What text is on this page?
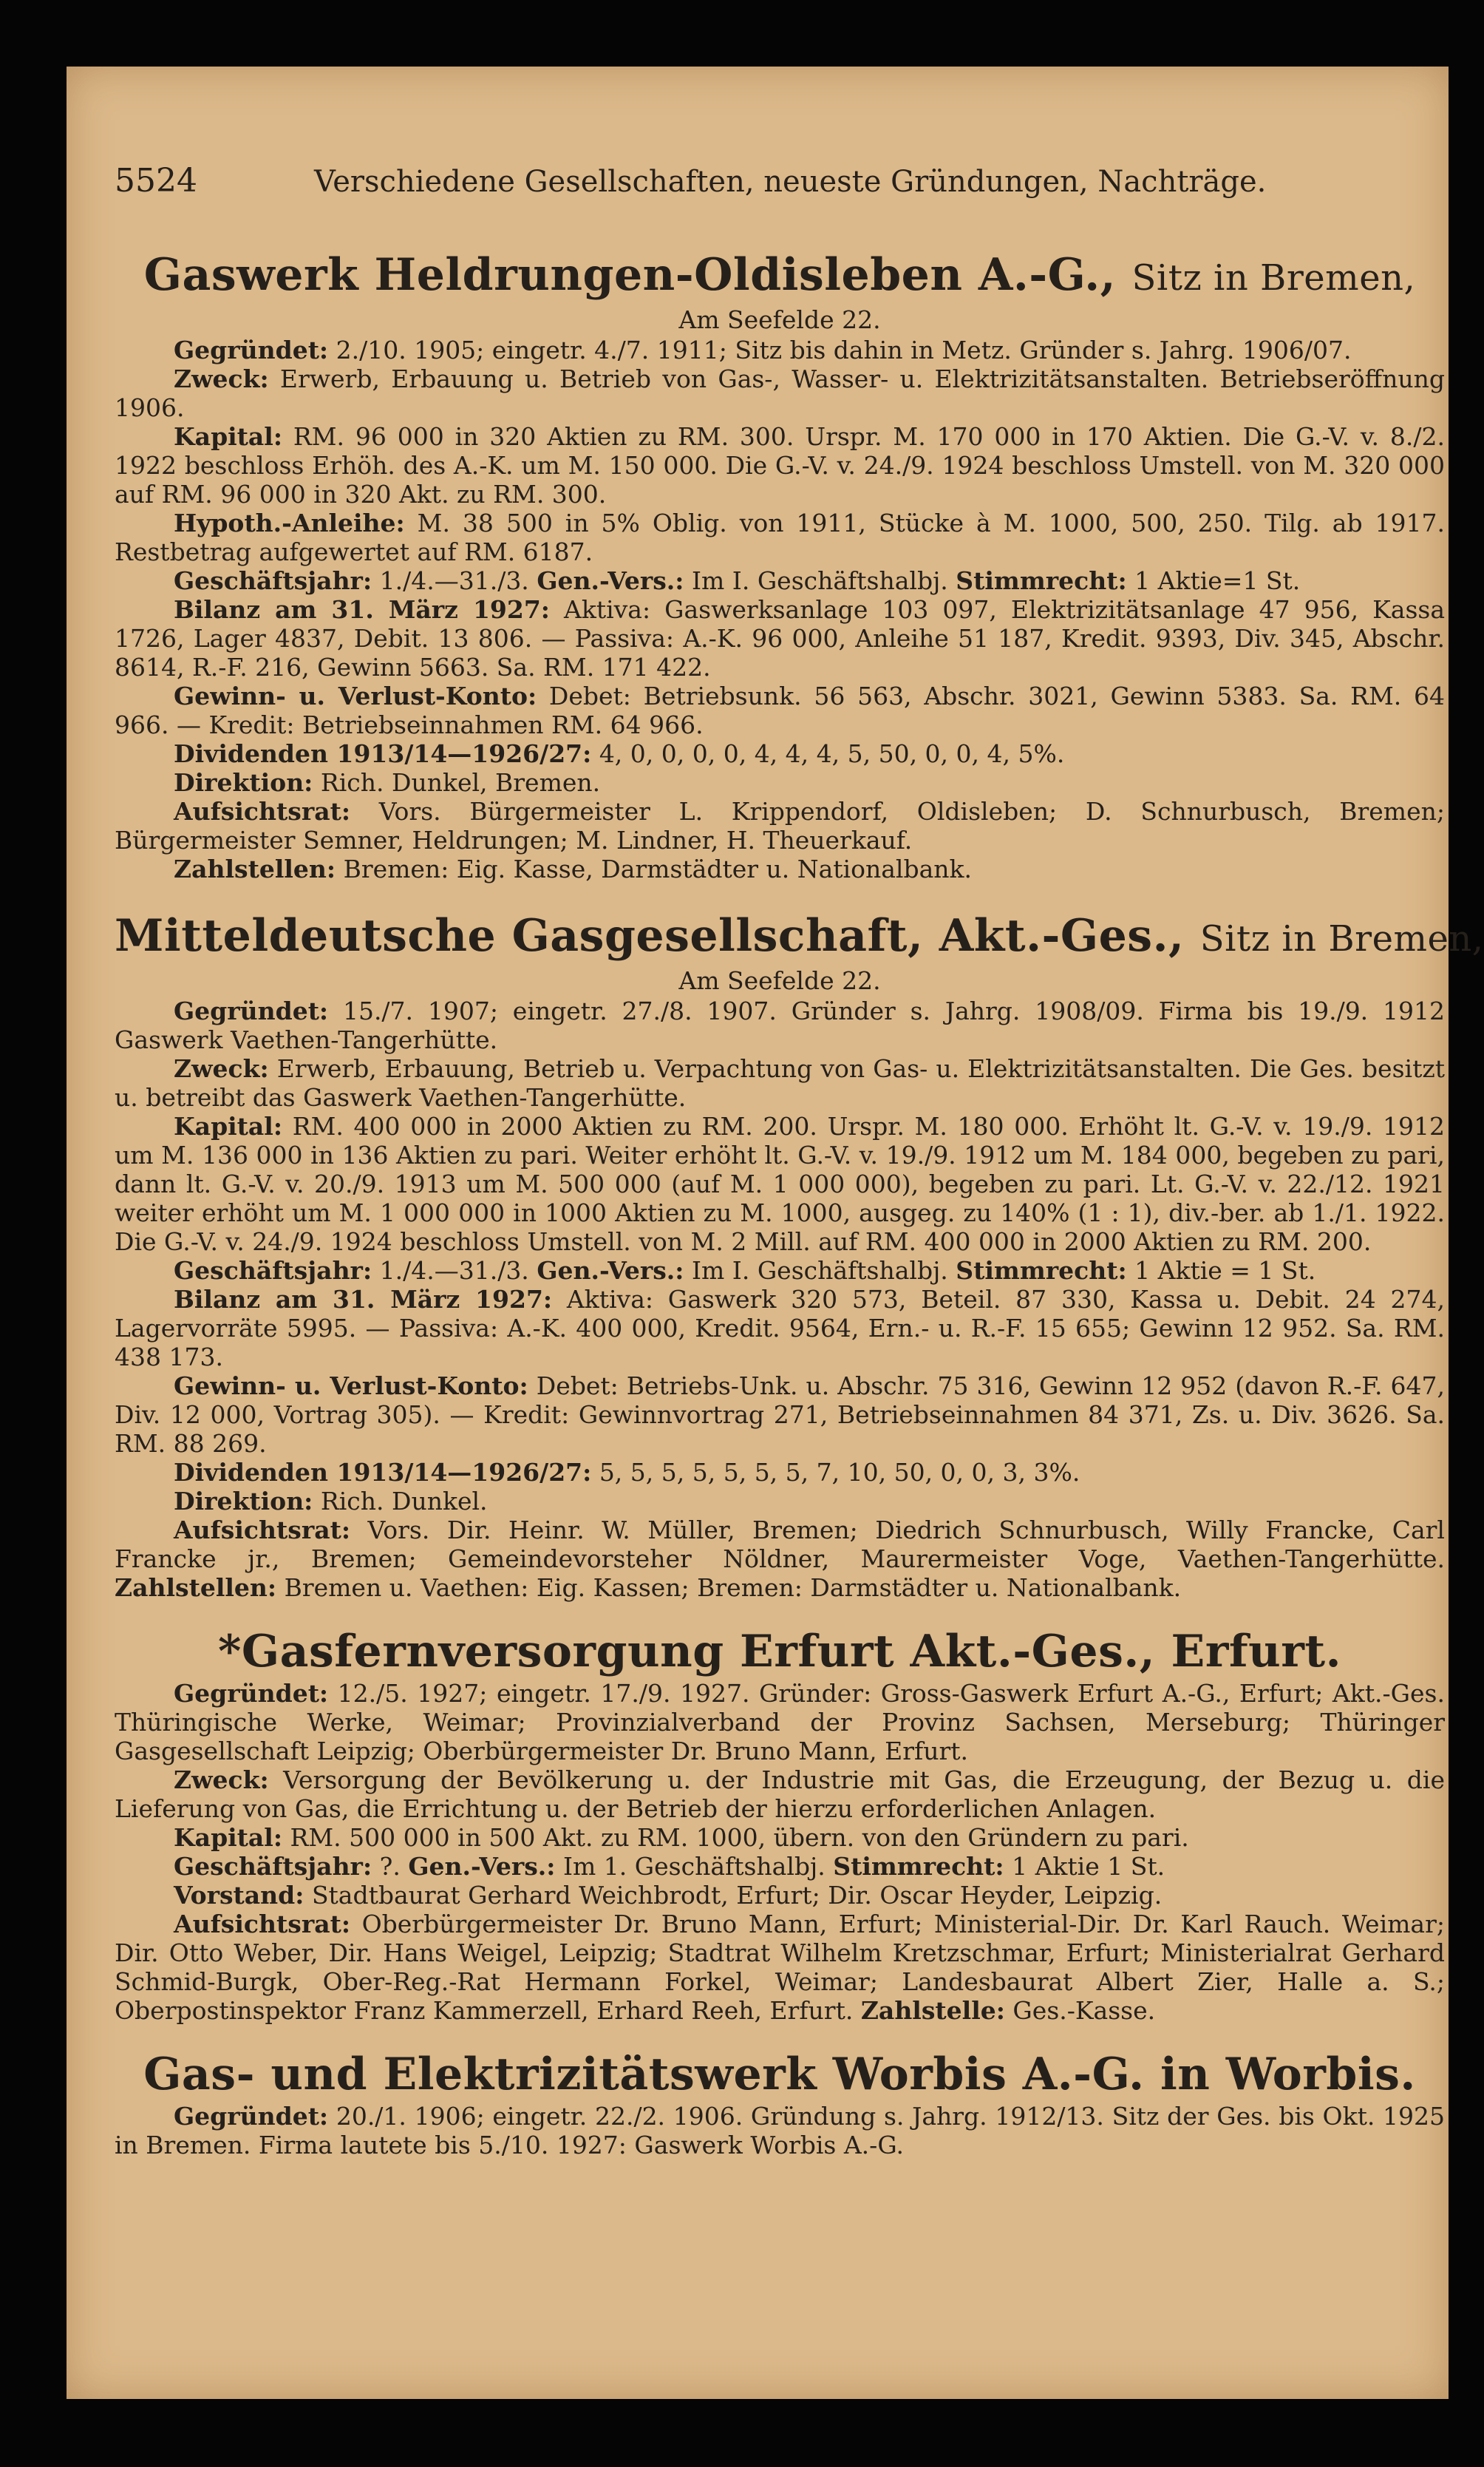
5524	Verschiedene Gesellschaften, neueste Gründungen, Nachträge.
Gaswerk Heldrungen-Oldisleben A.-G., Sitz in Bremen,
Am Seefelde 22.

Gegründet: 2./10. 1905; eingetr. 4./7. 1911; Sitz bis dahin in Metz. Gründer s. Jahrg. 1906/07.

Zweck: Erwerb, Erbauung u. Betrieb von Gas-, Wasser- u. Elektrizitätsanstalten. Betriebseröffnung 1906.

Kapital: RM. 96 000 in 320 Aktien zu RM. 300. Urspr. M. 170 000 in 170 Aktien. Die G.-V. v. 8./2. 1922 beschloss Erhöh. des A.-K. um M. 150 000. Die G.-V. v. 24./9. 1924 beschloss Umstell. von M. 320 000 auf RM. 96 000 in 320 Akt. zu RM. 300.

Hypoth.-Anleihe: M. 38 500 in 5% Oblig. von 1911, Stücke à M. 1000, 500, 250. Tilg. ab 1917. Restbetrag aufgewertet auf RM. 6187.

Geschäftsjahr: 1./4.—31./3. Gen.-Vers.: Im I. Geschäftshalbj. Stimmrecht: 1 Aktie=1 St.

Bilanz am 31. März 1927: Aktiva: Gaswerksanlage 103 097, Elektrizitätsanlage 47 956, Kassa 1726, Lager 4837, Debit. 13 806. — Passiva: A.-K. 96 000, Anleihe 51 187, Kredit. 9393, Div. 345, Abschr. 8614, R.-F. 216, Gewinn 5663. Sa. RM. 171 422.

Gewinn- u. Verlust-Konto: Debet: Betriebsunk. 56 563, Abschr. 3021, Gewinn 5383. Sa. RM. 64 966. — Kredit: Betriebseinnahmen RM. 64 966.

Dividenden 1913/14—1926/27: 4, 0, 0, 0, 0, 4, 4, 4, 5, 50, 0, 0, 4, 5%.

Direktion: Rich. Dunkel, Bremen.

Aufsichtsrat: Vors. Bürgermeister L. Krippendorf, Oldisleben; D. Schnurbusch, Bremen; Bürgermeister Semner, Heldrungen; M. Lindner, H. Theuerkauf.

Zahlstellen: Bremen: Eig. Kasse, Darmstädter u. Nationalbank.

Mitteldeutsche Gasgesellschaft, Akt.-Ges., Sitz in Bremen,
Am Seefelde 22.

Gegründet: 15./7. 1907; eingetr. 27./8. 1907. Gründer s. Jahrg. 1908/09. Firma bis 19./9. 1912 Gaswerk Vaethen-Tangerhütte.

Zweck: Erwerb, Erbauung, Betrieb u. Verpachtung von Gas- u. Elektrizitätsanstalten. Die Ges. besitzt u. betreibt das Gaswerk Vaethen-Tangerhütte.

Kapital: RM. 400 000 in 2000 Aktien zu RM. 200. Urspr. M. 180 000. Erhöht lt. G.-V. v. 19./9. 1912 um M. 136 000 in 136 Aktien zu pari. Weiter erhöht lt. G.-V. v. 19./9. 1912 um M. 184 000, begeben zu pari, dann lt. G.-V. v. 20./9. 1913 um M. 500 000 (auf M. 1 000 000), begeben zu pari. Lt. G.-V. v. 22./12. 1921 weiter erhöht um M. 1 000 000 in 1000 Aktien zu M. 1000, ausgeg. zu 140% (1 : 1), div.-ber. ab 1./1. 1922. Die G.-V. v. 24./9. 1924 beschloss Umstell. von M. 2 Mill. auf RM. 400 000 in 2000 Aktien zu RM. 200.

Geschäftsjahr: 1./4.—31./3. Gen.-Vers.: Im I. Geschäftshalbj. Stimmrecht: 1 Aktie = 1 St.

Bilanz am 31. März 1927: Aktiva: Gaswerk 320 573, Beteil. 87 330, Kassa u. Debit. 24 274, Lagervorräte 5995. — Passiva: A.-K. 400 000, Kredit. 9564, Ern.- u. R.-F. 15 655; Gewinn 12 952. Sa. RM. 438 173.

Gewinn- u. Verlust-Konto: Debet: Betriebs-Unk. u. Abschr. 75 316, Gewinn 12 952 (davon R.-F. 647, Div. 12 000, Vortrag 305). — Kredit: Gewinnvortrag 271, Betriebseinnahmen 84 371, Zs. u. Div. 3626. Sa. RM. 88 269.

Dividenden 1913/14—1926/27: 5, 5, 5, 5, 5, 5, 5, 7, 10, 50, 0, 0, 3, 3%.

Direktion: Rich. Dunkel.

Aufsichtsrat: Vors. Dir. Heinr. W. Müller, Bremen; Diedrich Schnurbusch, Willy Francke, Carl Francke jr., Bremen; Gemeindevorsteher Nöldner, Maurermeister Voge, Vaethen-Tangerhütte. Zahlstellen: Bremen u. Vaethen: Eig. Kassen; Bremen: Darmstädter u. Nationalbank.

*Gasfernversorgung Erfurt Akt.-Ges., Erfurt.

Gegründet: 12./5. 1927; eingetr. 17./9. 1927. Gründer: Gross-Gaswerk Erfurt A.-G., Erfurt; Akt.-Ges. Thüringische Werke, Weimar; Provinzialverband der Provinz Sachsen, Merseburg; Thüringer Gasgesellschaft Leipzig; Oberbürgermeister Dr. Bruno Mann, Erfurt.

Zweck: Versorgung der Bevölkerung u. der Industrie mit Gas, die Erzeugung, der Bezug u. die Lieferung von Gas, die Errichtung u. der Betrieb der hierzu erforderlichen Anlagen.

Kapital: RM. 500 000 in 500 Akt. zu RM. 1000, übern. von den Gründern zu pari.

Geschäftsjahr: ?. Gen.-Vers.: Im 1. Geschäftshalbj. Stimmrecht: 1 Aktie 1 St.

Vorstand: Stadtbaurat Gerhard Weichbrodt, Erfurt; Dir. Oscar Heyder, Leipzig.

Aufsichtsrat: Oberbürgermeister Dr. Bruno Mann, Erfurt; Ministerial-Dir. Dr. Karl Rauch. Weimar; Dir. Otto Weber, Dir. Hans Weigel, Leipzig; Stadtrat Wilhelm Kretzschmar, Erfurt; Ministerialrat Gerhard Schmid-Burgk, Ober-Reg.-Rat Hermann Forkel, Weimar; Landesbaurat Albert Zier, Halle a. S.; Oberpostinspektor Franz Kammerzell, Erhard Reeh, Erfurt. Zahlstelle: Ges.-Kasse.

Gas- und Elektrizitätswerk Worbis A.-G. in Worbis.

Gegründet: 20./1. 1906; eingetr. 22./2. 1906. Gründung s. Jahrg. 1912/13. Sitz der Ges. bis Okt. 1925 in Bremen. Firma lautete bis 5./10. 1927: Gaswerk Worbis A.-G.
